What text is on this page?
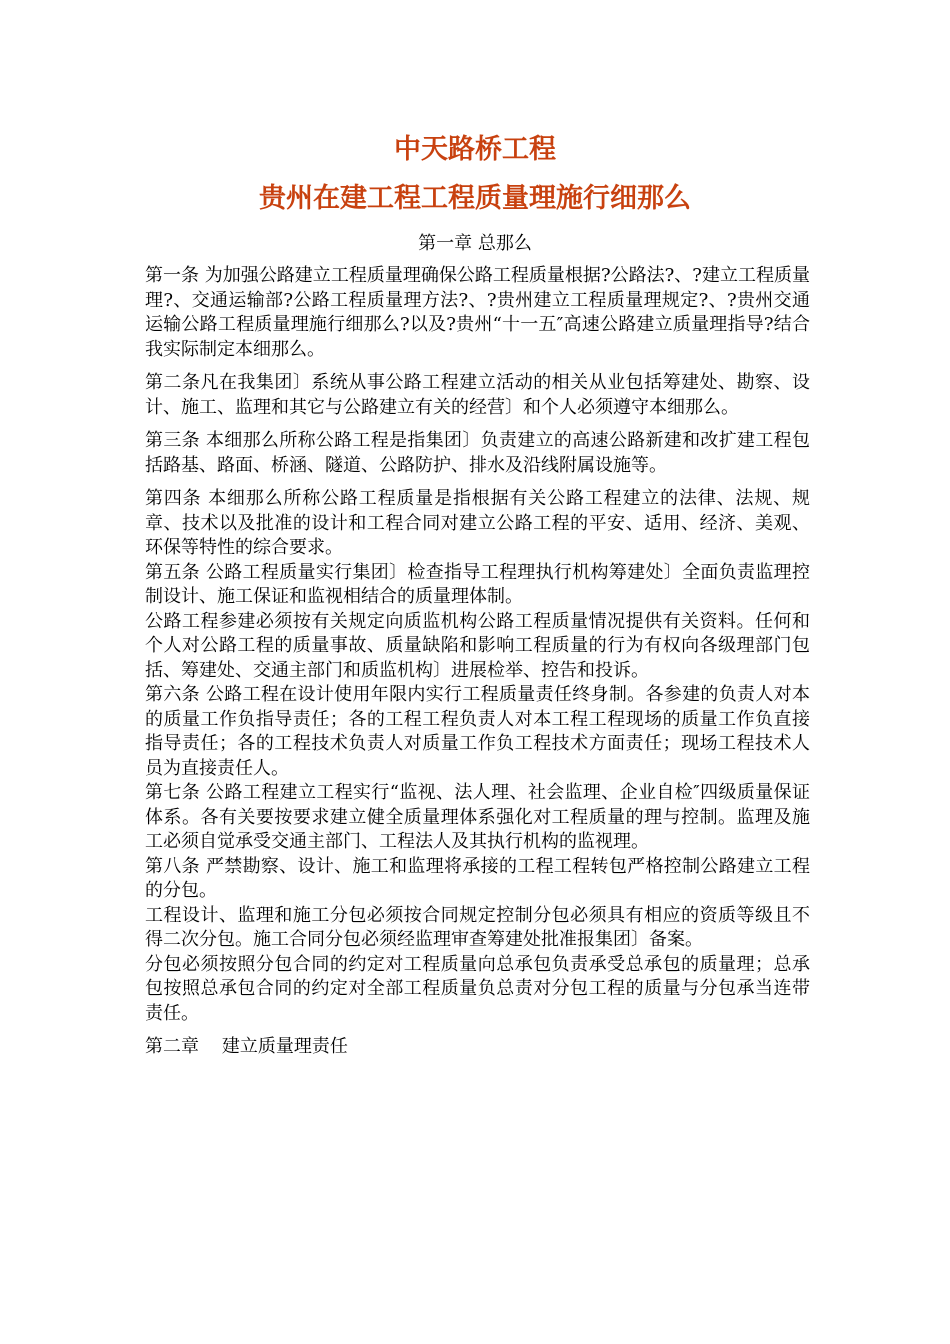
中天路桥工程
贵州在建工程工程质量理施行细那么

第一章 总那么

第一条 为加强公路建立工程质量理确保公路工程质量根据?公路法?、?建立工程质量理?、交通运输部?公路工程质量理方法?、?贵州建立工程质量理规定?、?贵州交通运输公路工程质量理施行细那么?以及?贵州“十一五″高速公路建立质量理指导?结合我实际制定本细那么。

第二条凡在我集团〕系统从事公路工程建立活动的相关从业包括筹建处、勘察、设计、施工、监理和其它与公路建立有关的经营〕和个人必须遵守本细那么。

第三条 本细那么所称公路工程是指集团〕负责建立的高速公路新建和改扩建工程包括路基、路面、桥涵、隧道、公路防护、排水及沿线附属设施等。

第四条 本细那么所称公路工程质量是指根据有关公路工程建立的法律、法规、规章、技术以及批准的设计和工程合同对建立公路工程的平安、适用、经济、美观、环保等特性的综合要求。

第五条 公路工程质量实行集团〕检查指导工程理执行机构筹建处〕全面负责监理控制设计、施工保证和监视相结合的质量理体制。

公路工程参建必须按有关规定向质监机构公路工程质量情况提供有关资料。任何和个人对公路工程的质量事故、质量缺陷和影响工程质量的行为有权向各级理部门包括、筹建处、交通主部门和质监机构〕进展检举、控告和投诉。

第六条 公路工程在设计使用年限内实行工程质量责任终身制。各参建的负责人对本的质量工作负指导责任；各的工程工程负责人对本工程工程现场的质量工作负直接指导责任；各的工程技术负责人对质量工作负工程技术方面责任；现场工程技术人员为直接责任人。

第七条 公路工程建立工程实行“监视、法人理、社会监理、企业自检″四级质量保证体系。各有关要按要求建立健全质量理体系强化对工程质量的理与控制。监理及施工必须自觉承受交通主部门、工程法人及其执行机构的监视理。

第八条 严禁勘察、设计、施工和监理将承接的工程工程转包严格控制公路建立工程的分包。

工程设计、监理和施工分包必须按合同规定控制分包必须具有相应的资质等级且不得二次分包。施工合同分包必须经监理审查筹建处批准报集团〕备案。

分包必须按照分包合同的约定对工程质量向总承包负责承受总承包的质量理；总承包按照总承包合同的约定对全部工程质量负总责对分包工程的质量与分包承当连带责任。

第二章    建立质量理责任
